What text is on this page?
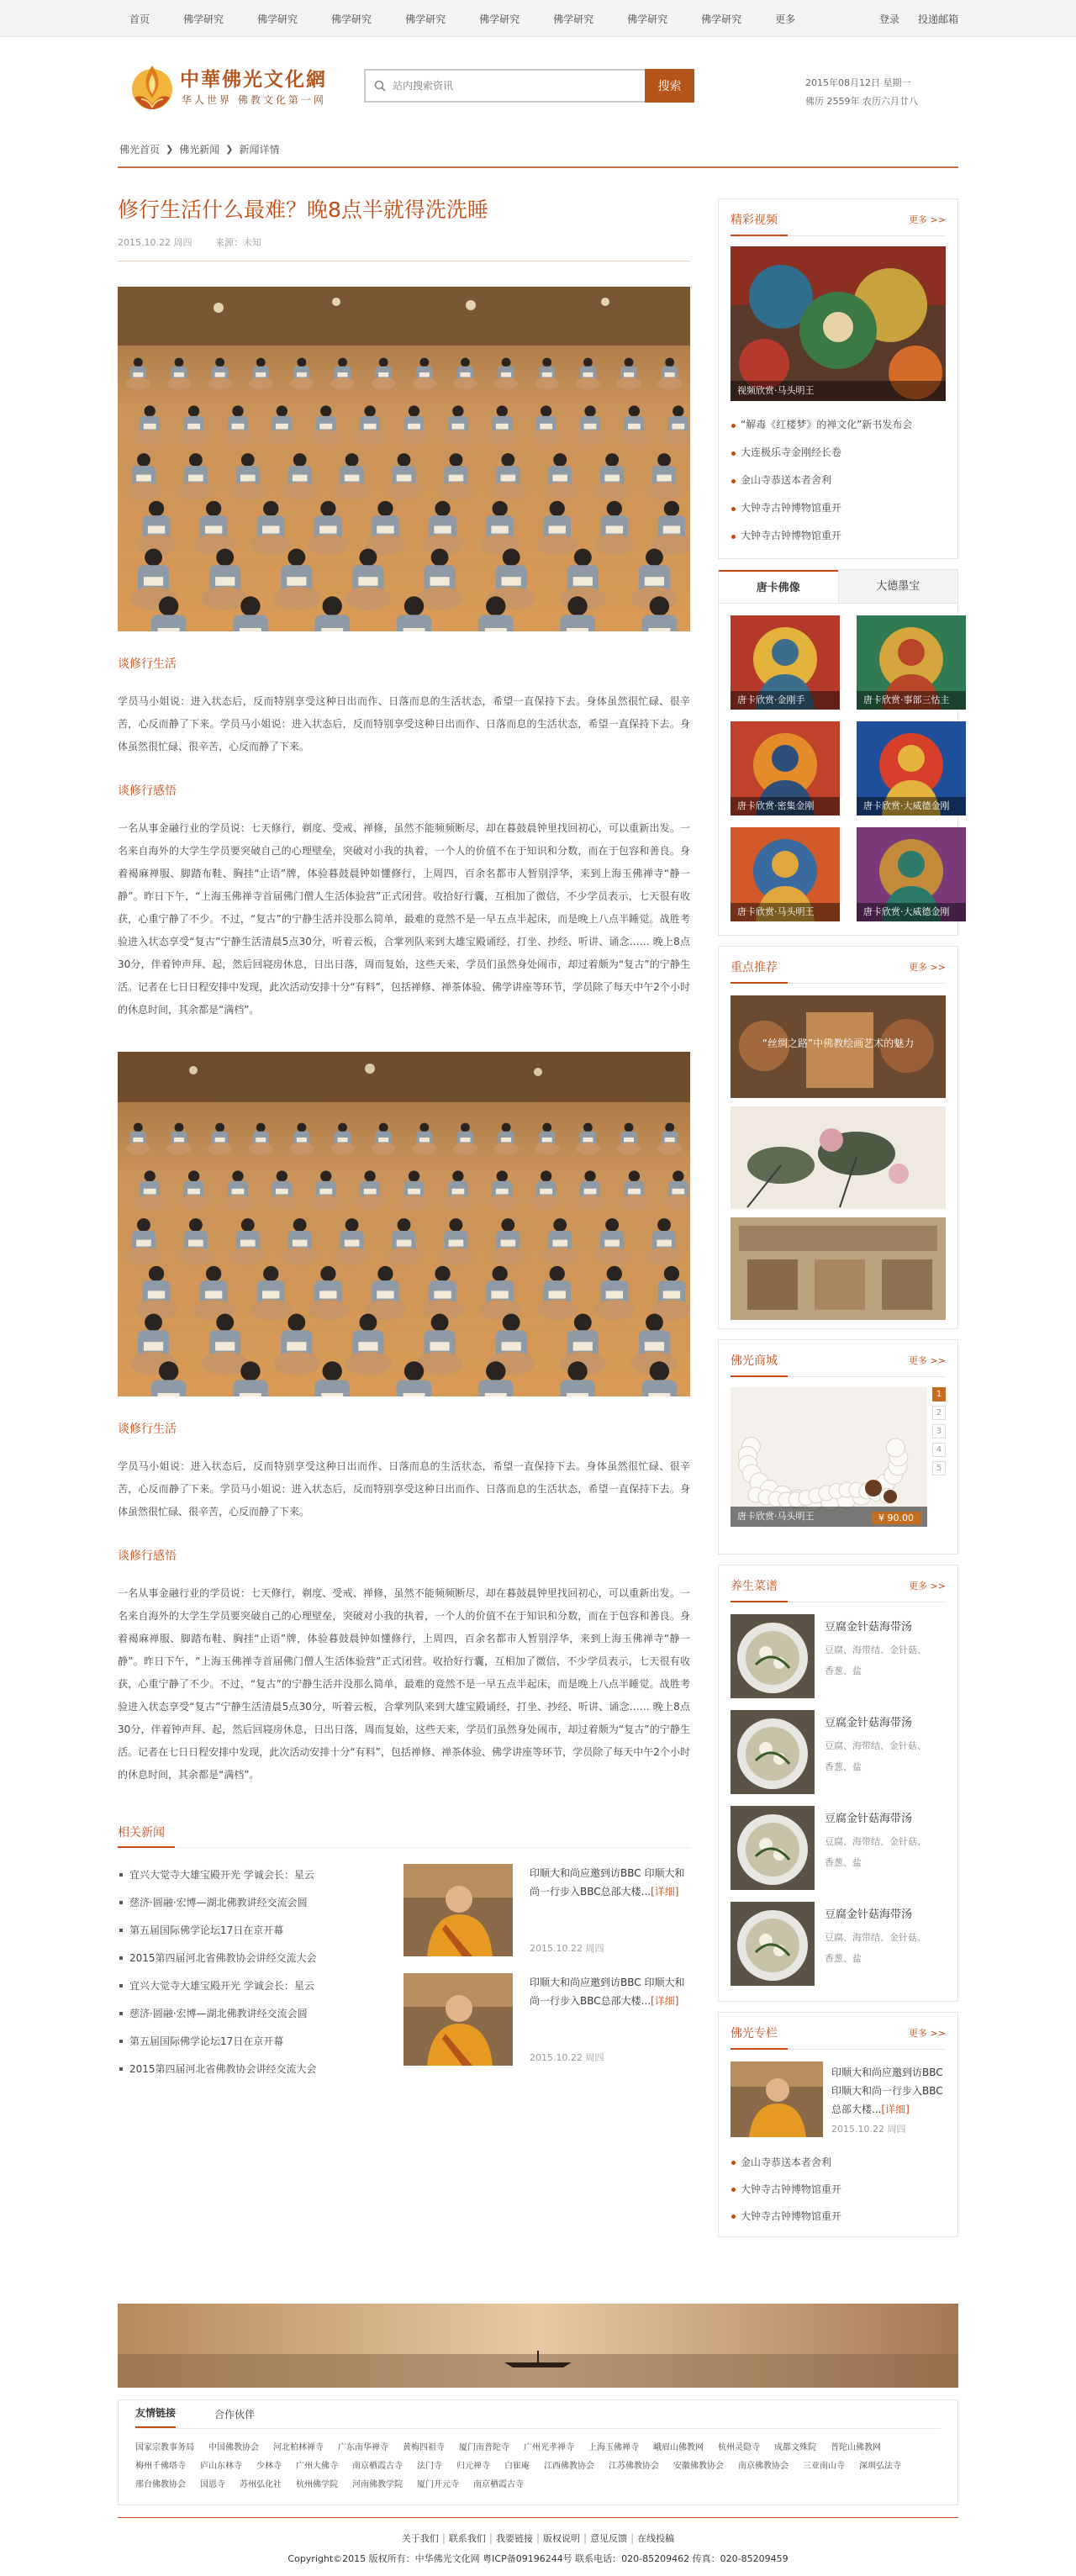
首页	佛学研究	佛学研究	佛学研究	佛学研究	佛学研究	佛学研究	佛学研究	佛学研究	更多	登录 投递邮箱
中華佛光文化網
华人世界 佛教文化第一网
站内搜索资讯
搜索	2015年08月12日 星期一
佛历 2559年 农历六月廿八
佛光首页 ❯ 佛光新闻 ❯ 新闻详情
修行生活什么最难？晚8点半就得洗洗睡
2015.10.22 周四	来源：未知
谈修行生活
学员马小姐说：进入状态后，反而特别享受这种日出而作、日落而息的生活状态，希望一直保持下去。身体虽然很忙碌、很辛苦，心反而静了下来。学员马小姐说：进入状态后，反而特别享受这种日出而作、日落而息的生活状态，希望一直保持下去。身体虽然很忙碌、很辛苦，心反而静了下来。
谈修行感悟
一名从事金融行业的学员说：七天修行，剃度、受戒、禅修，虽然不能频频断尽，却在暮鼓晨钟里找回初心，可以重新出发。一名来自海外的大学生学员要突破自己的心理壁垒，突破对小我的执着，一个人的价值不在于知识和分数，而在于包容和善良。身着褐麻禅服、脚踏布鞋、胸挂“止语”牌，体验暮鼓晨钟如懂修行，上周四，百余名都市人暂别浮华，来到上海玉佛禅寺“静一静”。昨日下午，“上海玉佛禅寺首届佛门僧人生活体验营”正式闭营。收拾好行囊，互相加了微信，不少学员表示，七天很有收获，心重宁静了不少。不过，“复古”的宁静生活并没那么简单，最难的竟然不是一早五点半起床，而是晚上八点半睡觉。战胜考验进入状态享受“复古”宁静生活清晨5点30分，听着云板，合掌列队来到大雄宝殿诵经，打坐、抄经、听讲、诵念…… 晚上8点30分，伴着钟声拜、起，然后回寝房休息，日出日落，周而复始，这些天来，学员们虽然身处闹市，却过着颇为“复古”的宁静生活。记者在七日日程安排中发现，此次活动安排十分“有料”，包括禅修、禅茶体验、佛学讲座等环节，学员除了每天中午2个小时的休息时间，其余都是“满档”。
谈修行生活
学员马小姐说：进入状态后，反而特别享受这种日出而作、日落而息的生活状态，希望一直保持下去。身体虽然很忙碌、很辛苦，心反而静了下来。学员马小姐说：进入状态后，反而特别享受这种日出而作、日落而息的生活状态，希望一直保持下去。身体虽然很忙碌、很辛苦，心反而静了下来。
谈修行感悟
一名从事金融行业的学员说：七天修行，剃度、受戒、禅修，虽然不能频频断尽，却在暮鼓晨钟里找回初心，可以重新出发。一名来自海外的大学生学员要突破自己的心理壁垒，突破对小我的执着，一个人的价值不在于知识和分数，而在于包容和善良。身着褐麻禅服、脚踏布鞋、胸挂“止语”牌，体验暮鼓晨钟如懂修行，上周四，百余名都市人暂别浮华，来到上海玉佛禅寺“静一静”。昨日下午，“上海玉佛禅寺首届佛门僧人生活体验营”正式闭营。收拾好行囊，互相加了微信，不少学员表示，七天很有收获，心重宁静了不少。不过，“复古”的宁静生活并没那么简单，最难的竟然不是一早五点半起床，而是晚上八点半睡觉。战胜考验进入状态享受“复古”宁静生活清晨5点30分，听着云板，合掌列队来到大雄宝殿诵经，打坐、抄经、听讲、诵念…… 晚上8点30分，伴着钟声拜、起，然后回寝房休息，日出日落，周而复始，这些天来，学员们虽然身处闹市，却过着颇为“复古”的宁静生活。记者在七日日程安排中发现，此次活动安排十分“有料”，包括禅修、禅茶体验、佛学讲座等环节，学员除了每天中午2个小时的休息时间，其余都是“满档”。
相关新闻
宜兴大觉寺大雄宝殿开光 学诚会长：星云
慈济·圆融·宏博—湖北佛教讲经交流会圆
第五届国际佛学论坛17日在京开幕
2015第四届河北省佛教协会讲经交流大会
宜兴大觉寺大雄宝殿开光 学诚会长：星云
慈济·圆融·宏博—湖北佛教讲经交流会圆
第五届国际佛学论坛17日在京开幕
2015第四届河北省佛教协会讲经交流大会
印顺大和尚应邀到访BBC 印顺大和尚一行步入BBC总部大楼...[详细]
2015.10.22 周四
印顺大和尚应邀到访BBC 印顺大和尚一行步入BBC总部大楼...[详细]
2015.10.22 周四
精彩视频	更多 >>
视频欣赏·马头明王
“解毒《红楼梦》的禅文化”新书发布会
大连极乐寺金刚经长卷
金山寺恭送本者舍利
大钟寺古钟博物馆重开
大钟寺古钟博物馆重开
唐卡佛像	大德墨宝
唐卡欣赏·金刚手	唐卡欣赏·事部三怙主
唐卡欣赏·密集金刚	唐卡欣赏·大威德金刚
唐卡欣赏·马头明王	唐卡欣赏·大威德金刚
重点推荐	更多 >>
“丝绸之路”中佛教绘画艺术的魅力
佛光商城	更多 >>
唐卡欣赏·马头明王	¥ 90.00
1
2
3
4
5
养生菜谱	更多 >>
豆腐金针菇海带汤
豆腐、海带结、金针菇、香葱、盐
豆腐金针菇海带汤
豆腐、海带结、金针菇、香葱、盐
豆腐金针菇海带汤
豆腐、海带结、金针菇、香葱、盐
豆腐金针菇海带汤
豆腐、海带结、金针菇、香葱、盐
佛光专栏	更多 >>
印顺大和尚应邀到访BBC 印顺大和尚一行步入BBC总部大楼...[详细]
2015.10.22 周四
金山寺恭送本者舍利
大钟寺古钟博物馆重开
大钟寺古钟博物馆重开
友情链接	合作伙伴
国家宗教事务局 中国佛教协会 河北柏林禅寺 广东南华禅寺 黄梅四祖寺 厦门南普陀寺 广州光孝禅寺 上海玉佛禅寺 峨眉山佛教网 杭州灵隐寺 成都文殊院 普陀山佛教网
梅州千佛塔寺 庐山东林寺 少林寺 广州大佛寺 南京栖霞古寺 法门寺 归元禅寺 白崔庵 江西佛教协会 江苏佛教协会 安徽佛教协会 南京佛教协会 三亚南山寺 深圳弘法寺
邢台佛教协会 国恩寺 苏州弘化社 杭州佛学院 河南佛教学院 厦门开元寺 南京栖霞古寺
关于我们 | 联系我们 | 我要链接 | 版权说明 | 意见反馈 | 在线投稿
Copyright©2015 版权所有：中华佛光文化网 粤ICP备09196244号 联系电话：020-85209462 传真：020-85209459
